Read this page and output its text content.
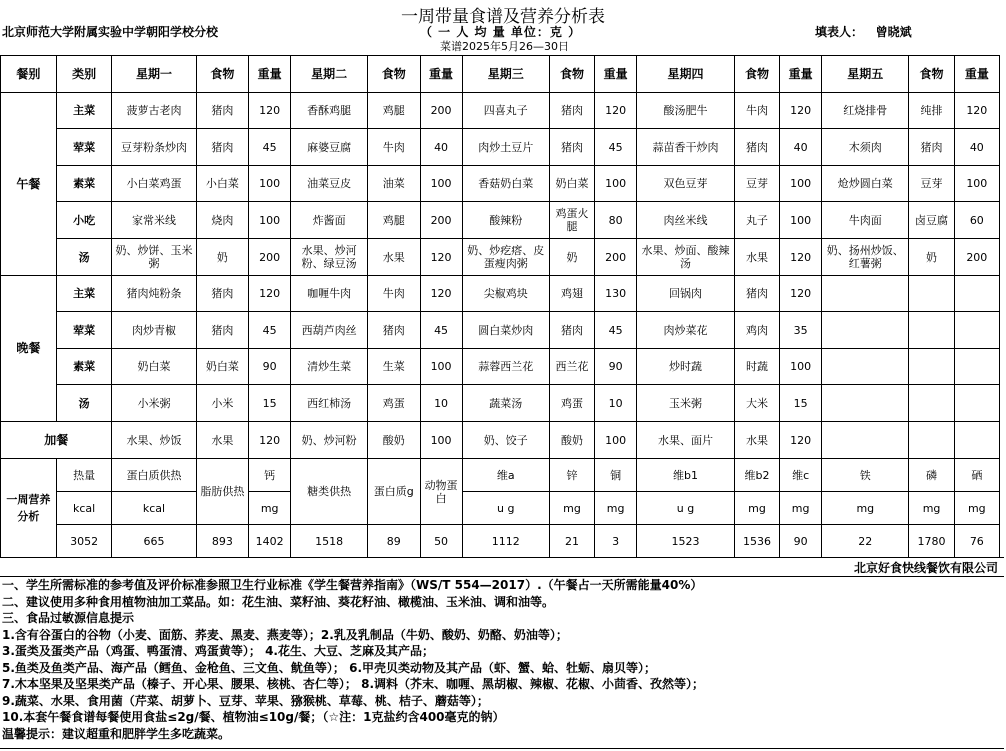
一周带量食谱及营养分析表
北京师范大学附属实验中学朝阳学校分校	（ 一 人 均 量 单位：克 ）	填表人： 曾晓斌
菜谱2025年5月26—30日
餐别	类别	星期一	食物	重量	星期二	食物	重量	星期三	食物	重量	星期四	食物	重量	星期五	食物	重量
午餐	主菜	菠萝古老肉	猪肉	120	香酥鸡腿	鸡腿	200	四喜丸子	猪肉	120	酸汤肥牛	牛肉	120	红烧排骨	纯排	120
	荤菜	豆芽粉条炒肉	猪肉	45	麻婆豆腐	牛肉	40	肉炒土豆片	猪肉	45	蒜苗香干炒肉	猪肉	40	木须肉	猪肉	40
	素菜	小白菜鸡蛋	小白菜	100	油菜豆皮	油菜	100	香菇奶白菜	奶白菜	100	双色豆芽	豆芽	100	炝炒圆白菜	豆芽	100
	小吃	家常米线	烧肉	100	炸酱面	鸡腿	200	酸辣粉	鸡蛋火腿	80	肉丝米线	丸子	100	牛肉面	卤豆腐	60
	汤	奶、炒饼、玉米粥	奶	200	水果、炒河粉、绿豆汤	水果	120	奶、炒疙瘩、皮蛋瘦肉粥	奶	200	水果、炒面、酸辣汤	水果	120	奶、扬州炒饭、红薯粥	奶	200
晚餐	主菜	猪肉炖粉条	猪肉	120	咖喱牛肉	牛肉	120	尖椒鸡块	鸡翅	130	回锅肉	猪肉	120			
	荤菜	肉炒青椒	猪肉	45	西葫芦肉丝	猪肉	45	圆白菜炒肉	猪肉	45	肉炒菜花	鸡肉	35			
	素菜	奶白菜	奶白菜	90	清炒生菜	生菜	100	蒜蓉西兰花	西兰花	90	炒时蔬	时蔬	100			
	汤	小米粥	小米	15	西红柿汤	鸡蛋	10	蔬菜汤	鸡蛋	10	玉米粥	大米	15			
加餐		水果、炒饭	水果	120	奶、炒河粉	酸奶	100	奶、饺子	酸奶	100	水果、面片	水果	120			
一周营养分析	热量	蛋白质供热	脂肪供热	钙	糖类供热	蛋白质g	动物蛋白	维a	锌	铜	维b1	维b2	维c	铁	磷	硒
	kcal	kcal		mg				u g	mg	mg	u g	mg	mg	mg	mg	mg
	3052	665	893	1402	1518	89	50	1112	21	3	1523	1536	90	22	1780	76
北京好食快线餐饮有限公司
一、学生所需标准的参考值及评价标准参照卫生行业标准《学生餐营养指南》（WS/T 554—2017）.（午餐占一天所需能量40%）
二、建议使用多种食用植物油加工菜品。如：花生油、菜籽油、葵花籽油、橄榄油、玉米油、调和油等。
三、食品过敏源信息提示
1.含有谷蛋白的谷物（小麦、面筋、荞麦、黑麦、燕麦等）；2.乳及乳制品（牛奶、酸奶、奶酪、奶油等）；
3.蛋类及蛋类产品（鸡蛋、鸭蛋清、鸡蛋黄等）； 4.花生、大豆、芝麻及其产品；
5.鱼类及鱼类产品、海产品（鳕鱼、金枪鱼、三文鱼、鱿鱼等）； 6.甲壳贝类动物及其产品（虾、蟹、蛤、牡蛎、扇贝等）；
7.木本坚果及坚果类产品（榛子、开心果、腰果、核桃、杏仁等）； 8.调料（芥末、咖喱、黑胡椒、辣椒、花椒、小茴香、孜然等）；
9.蔬菜、水果、食用菌（芹菜、胡萝卜、豆芽、苹果、猕猴桃、草莓、桃、桔子、蘑菇等）；
10.本套午餐食谱每餐使用食盐≤2g/餐、植物油≤10g/餐；（☆注：1克盐约含400毫克的钠）
温馨提示：建议超重和肥胖学生多吃蔬菜。
